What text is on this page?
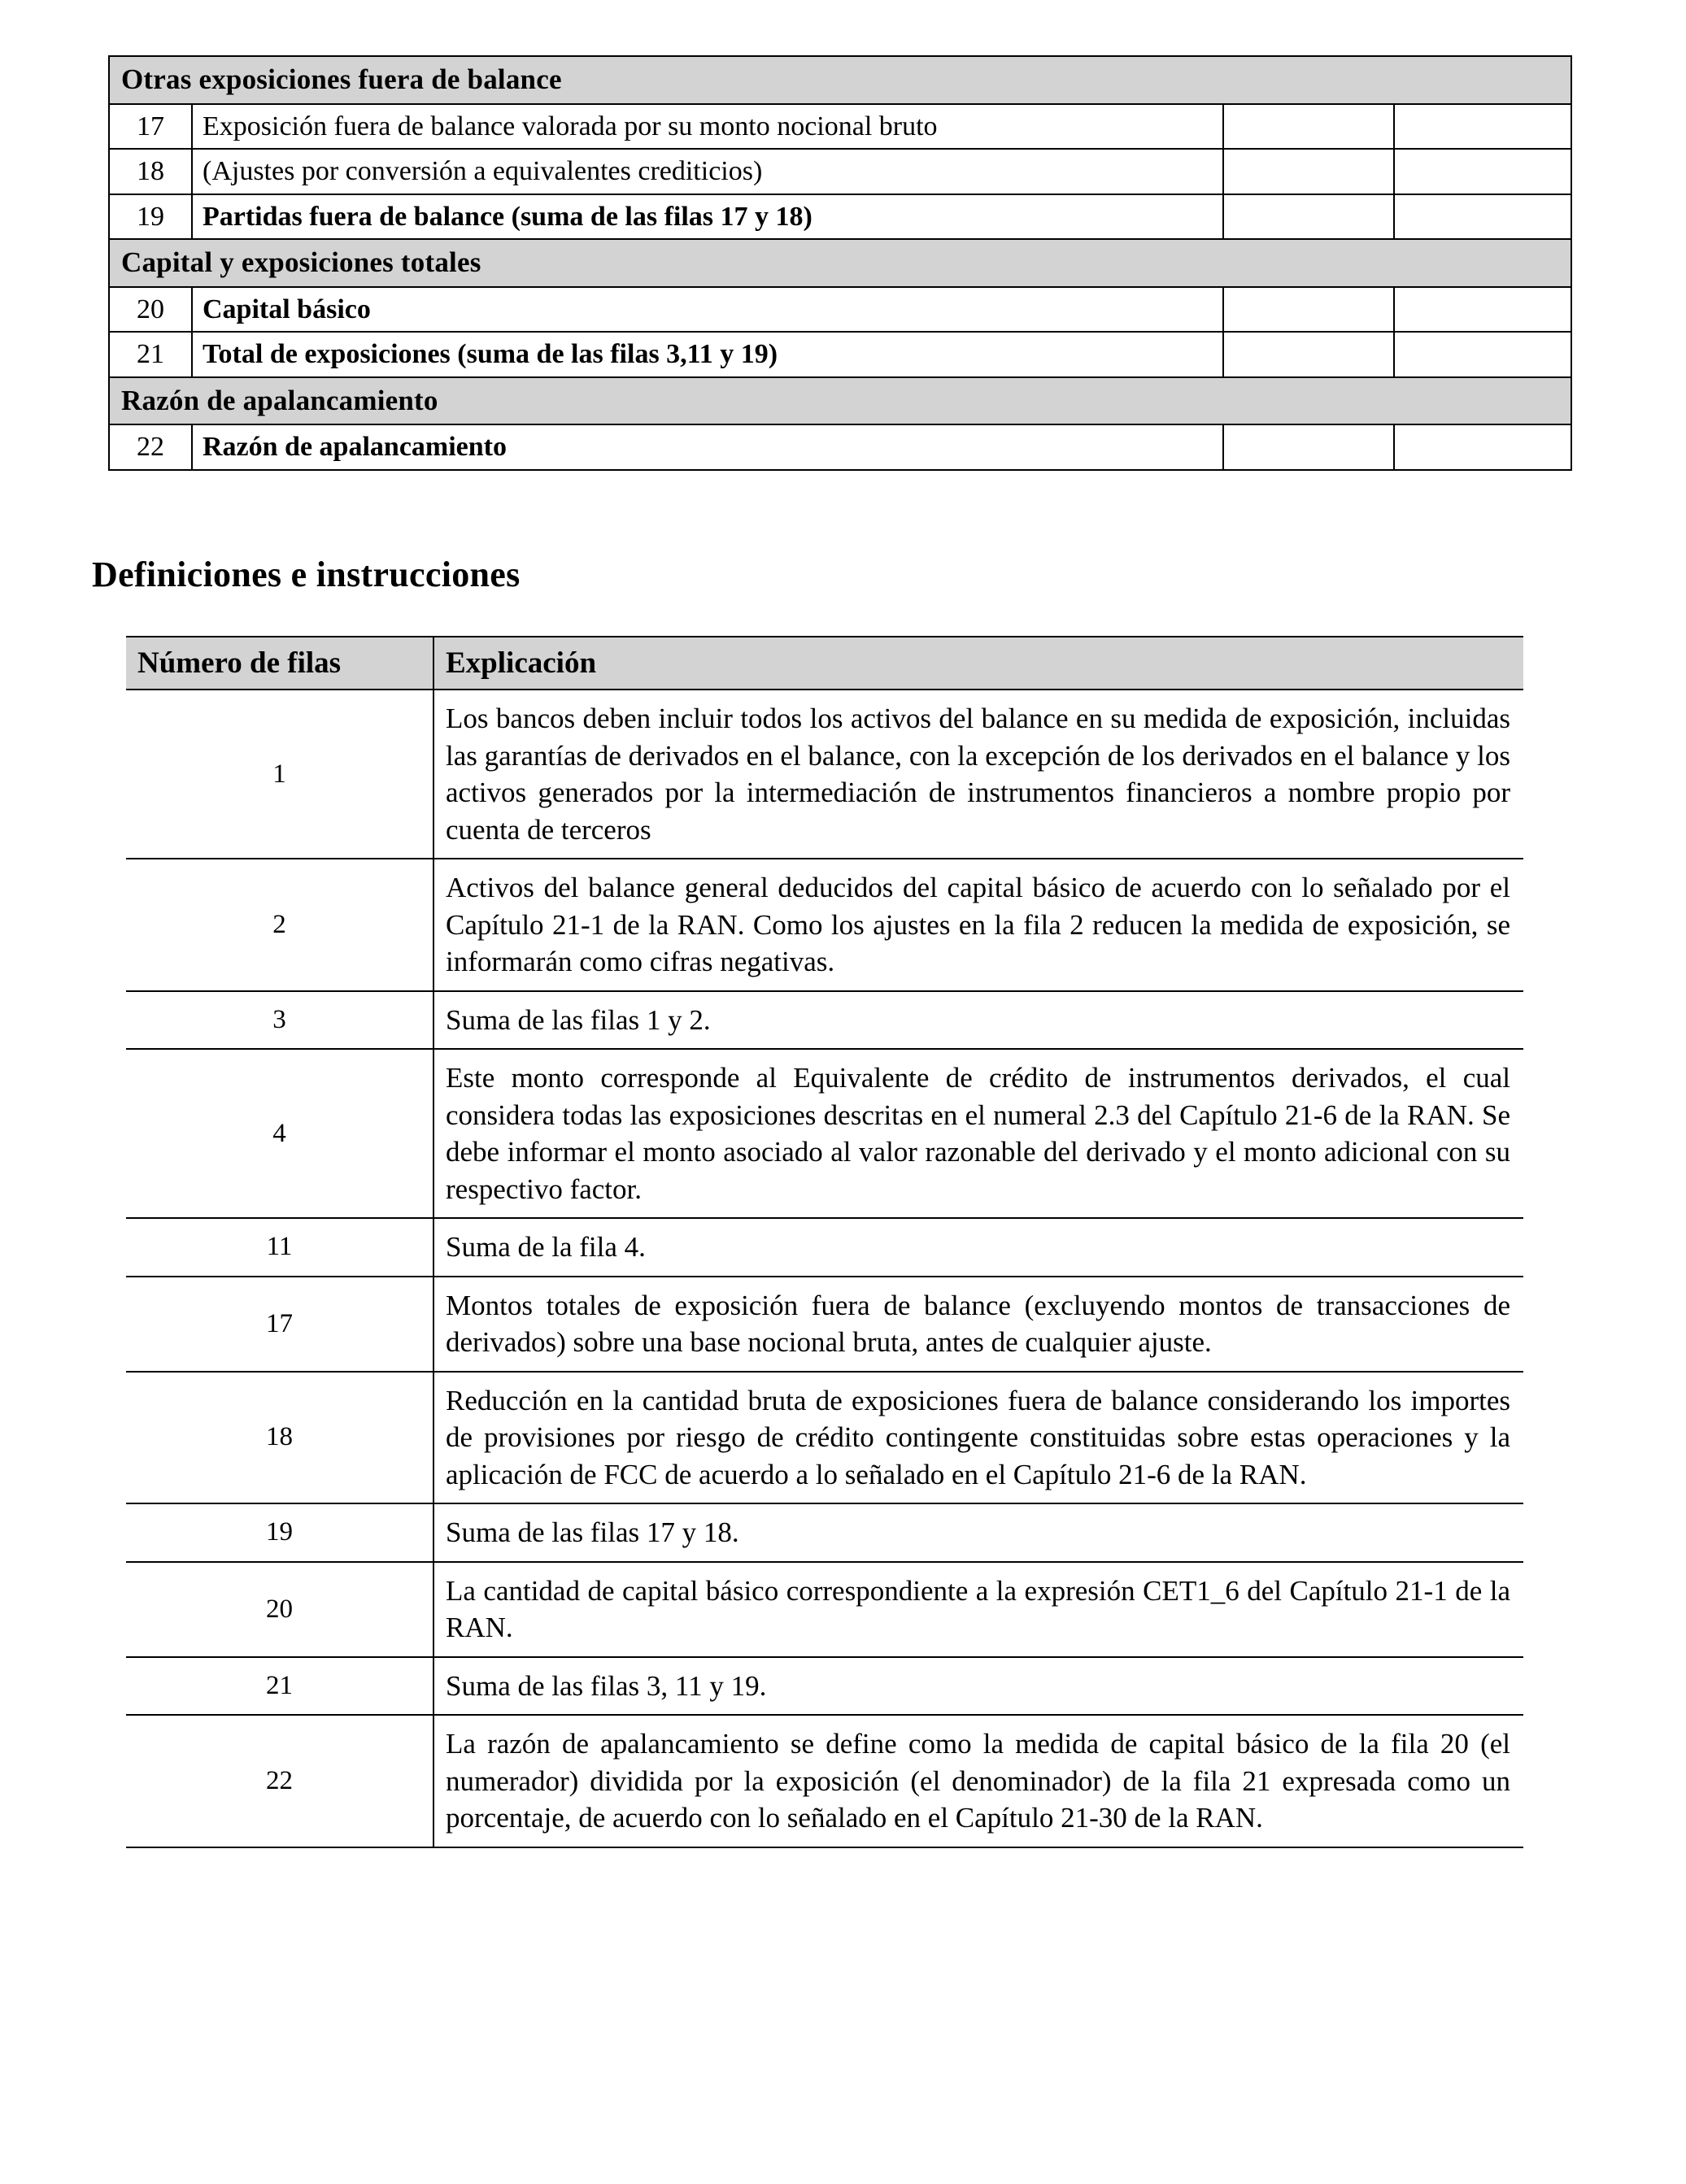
Otras exposiciones fuera de balance			
17	Exposición fuera de balance valorada por su monto nocional bruto		
18	(Ajustes por conversión a equivalentes crediticios)		
19	Partidas fuera de balance (suma de las filas 17 y 18)		
Capital y exposiciones totales			
20	Capital básico		
21	Total de exposiciones (suma de las filas 3,11 y 19)		
Razón de apalancamiento			
22	Razón de apalancamiento		
Definiciones e instrucciones
Número de filas	Explicación
1	Los bancos deben incluir todos los activos del balance en su medida de exposición, incluidas las garantías de derivados en el balance, con la excepción de los derivados en el balance y los activos generados por la intermediación de instrumentos financieros a nombre propio por cuenta de terceros
2	Activos del balance general deducidos del capital básico de acuerdo con lo señalado por el Capítulo 21-1 de la RAN. Como los ajustes en la fila 2 reducen la medida de exposición, se informarán como cifras negativas.
3	Suma de las filas 1 y 2.
4	Este monto corresponde al Equivalente de crédito de instrumentos derivados, el cual considera todas las exposiciones descritas en el numeral 2.3 del Capítulo 21-6 de la RAN. Se debe informar el monto asociado al valor razonable del derivado y el monto adicional con su respectivo factor.
11	Suma de la fila 4.
17	Montos totales de exposición fuera de balance (excluyendo montos de transacciones de derivados) sobre una base nocional bruta, antes de cualquier ajuste.
18	Reducción en la cantidad bruta de exposiciones fuera de balance considerando los importes de provisiones por riesgo de crédito contingente constituidas sobre estas operaciones y la aplicación de FCC de acuerdo a lo señalado en el Capítulo 21-6 de la RAN.
19	Suma de las filas 17 y 18.
20	La cantidad de capital básico correspondiente a la expresión CET1_6 del Capítulo 21-1 de la RAN.
21	Suma de las filas 3, 11 y 19.
22	La razón de apalancamiento se define como la medida de capital básico de la fila 20 (el numerador) dividida por la exposición (el denominador) de la fila 21 expresada como un porcentaje, de acuerdo con lo señalado en el Capítulo 21-30 de la RAN.
